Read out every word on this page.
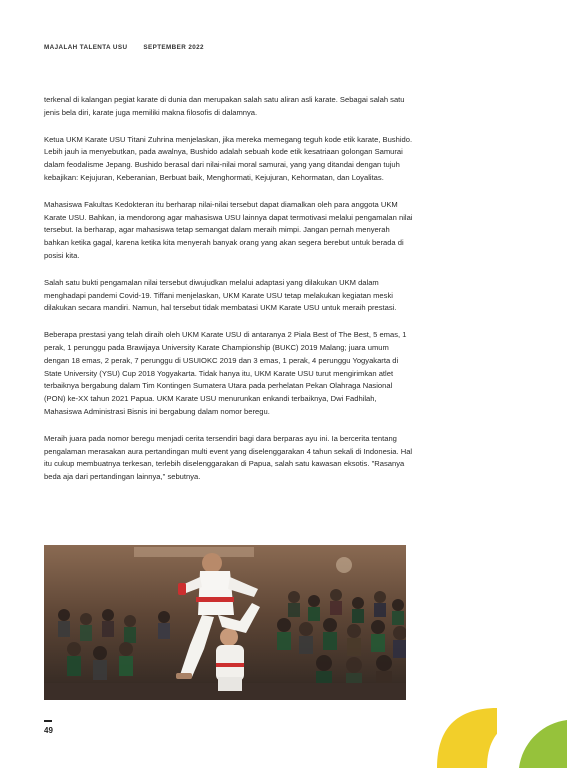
MAJALAH TALENTA USU	SEPTEMBER 2022

terkenal di kalangan pegiat karate di dunia dan merupakan salah satu aliran asli karate. Sebagai salah satu jenis bela diri, karate juga memiliki makna filosofis di dalamnya.

Ketua UKM Karate USU Titani Zuhrina menjelaskan, jika mereka memegang teguh kode etik karate, Bushido. Lebih jauh ia menyebutkan, pada awalnya, Bushido adalah sebuah kode etik kesatriaan golongan Samurai dalam feodalisme Jepang. Bushido berasal dari nilai-nilai moral samurai, yang yang ditandai dengan tujuh kebajikan: Kejujuran, Keberanian, Berbuat baik, Menghormati, Kejujuran, Kehormatan, dan Loyalitas.

Mahasiswa Fakultas Kedokteran itu berharap nilai-nilai tersebut dapat diamalkan oleh para anggota UKM Karate USU. Bahkan, ia mendorong agar mahasiswa USU lainnya dapat termotivasi melalui pengamalan nilai tersebut. Ia berharap, agar mahasiswa tetap semangat dalam meraih mimpi. Jangan pernah menyerah bahkan ketika gagal, karena ketika kita menyerah banyak orang yang akan segera berebut untuk berada di posisi kita.

Salah satu bukti pengamalan nilai tersebut diwujudkan melalui adaptasi yang dilakukan UKM dalam menghadapi pandemi Covid-19. Tiffani menjelaskan, UKM Karate USU tetap melakukan kegiatan meski dilakukan secara mandiri. Namun, hal tersebut tidak membatasi UKM Karate USU untuk meraih prestasi.

Beberapa prestasi yang telah diraih oleh UKM Karate USU di antaranya 2 Piala Best of The Best, 5 emas, 1 perak, 1 perunggu pada Brawijaya University Karate Championship (BUKC) 2019 Malang; juara umum dengan 18 emas, 2 perak, 7 perunggu di USUIOKC 2019 dan 3 emas, 1 perak, 4 perunggu Yogyakarta di State University (YSU) Cup 2018 Yogyakarta. Tidak hanya itu, UKM Karate USU turut mengirimkan atlet terbaiknya bergabung dalam Tim Kontingen Sumatera Utara pada perhelatan Pekan Olahraga Nasional (PON) ke-XX tahun 2021 Papua. UKM Karate USU menurunkan enkandi terbaiknya, Dwi Fadhilah, Mahasiswa Administrasi Bisnis ini bergabung dalam nomor beregu.

Meraih juara pada nomor beregu menjadi cerita tersendiri bagi dara berparas ayu ini. Ia bercerita tentang pengalaman merasakan aura pertandingan multi event yang diselenggarakan 4 tahun sekali di Indonesia. Hal itu cukup membuatnya terkesan, terlebih diselenggarakan di Papua, salah satu kawasan eksotis. "Rasanya beda aja dari pertandingan lainnya," sebutnya.

49
